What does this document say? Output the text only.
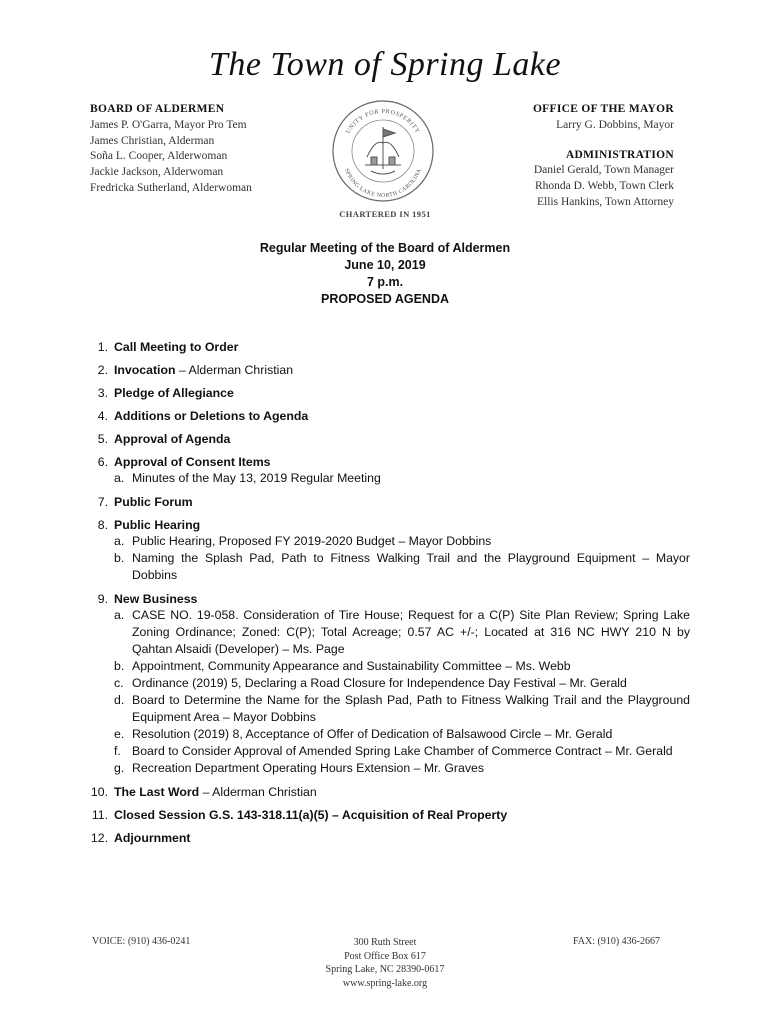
The Town of Spring Lake
BOARD OF ALDERMEN
James P. O'Garra, Mayor Pro Tem
James Christian, Alderman
Soña L. Cooper, Alderwoman
Jackie Jackson, Alderwoman
Fredricka Sutherland, Alderwoman
UNITY FOR PROSPERITY
SPRING LAKE NORTH CAROLINA
CHARTERED IN 1951
OFFICE OF THE MAYOR
Larry G. Dobbins, Mayor
ADMINISTRATION
Daniel Gerald, Town Manager
Rhonda D. Webb, Town Clerk
Ellis Hankins, Town Attorney
Regular Meeting of the Board of Aldermen
June 10, 2019
7 p.m.
PROPOSED AGENDA
1. Call Meeting to Order
2. Invocation – Alderman Christian
3. Pledge of Allegiance
4. Additions or Deletions to Agenda
5. Approval of Agenda
6. Approval of Consent Items
a. Minutes of the May 13, 2019 Regular Meeting
7. Public Forum
8. Public Hearing
a. Public Hearing, Proposed FY 2019-2020 Budget – Mayor Dobbins
b. Naming the Splash Pad, Path to Fitness Walking Trail and the Playground Equipment – Mayor Dobbins
9. New Business
a. CASE NO. 19-058. Consideration of Tire House; Request for a C(P) Site Plan Review; Spring Lake Zoning Ordinance; Zoned: C(P); Total Acreage; 0.57 AC +/-; Located at 316 NC HWY 210 N by Qahtan Alsaidi (Developer) – Ms. Page
b. Appointment, Community Appearance and Sustainability Committee – Ms. Webb
c. Ordinance (2019) 5, Declaring a Road Closure for Independence Day Festival – Mr. Gerald
d. Board to Determine the Name for the Splash Pad, Path to Fitness Walking Trail and the Playground Equipment Area – Mayor Dobbins
e. Resolution (2019) 8, Acceptance of Offer of Dedication of Balsawood Circle – Mr. Gerald
f. Board to Consider Approval of Amended Spring Lake Chamber of Commerce Contract – Mr. Gerald
g. Recreation Department Operating Hours Extension – Mr. Graves
10. The Last Word – Alderman Christian
11. Closed Session G.S. 143-318.11(a)(5) – Acquisition of Real Property
12. Adjournment
VOICE: (910) 436-0241	300 Ruth Street
Post Office Box 617
Spring Lake, NC 28390-0617
www.spring-lake.org
FAX: (910) 436-2667
